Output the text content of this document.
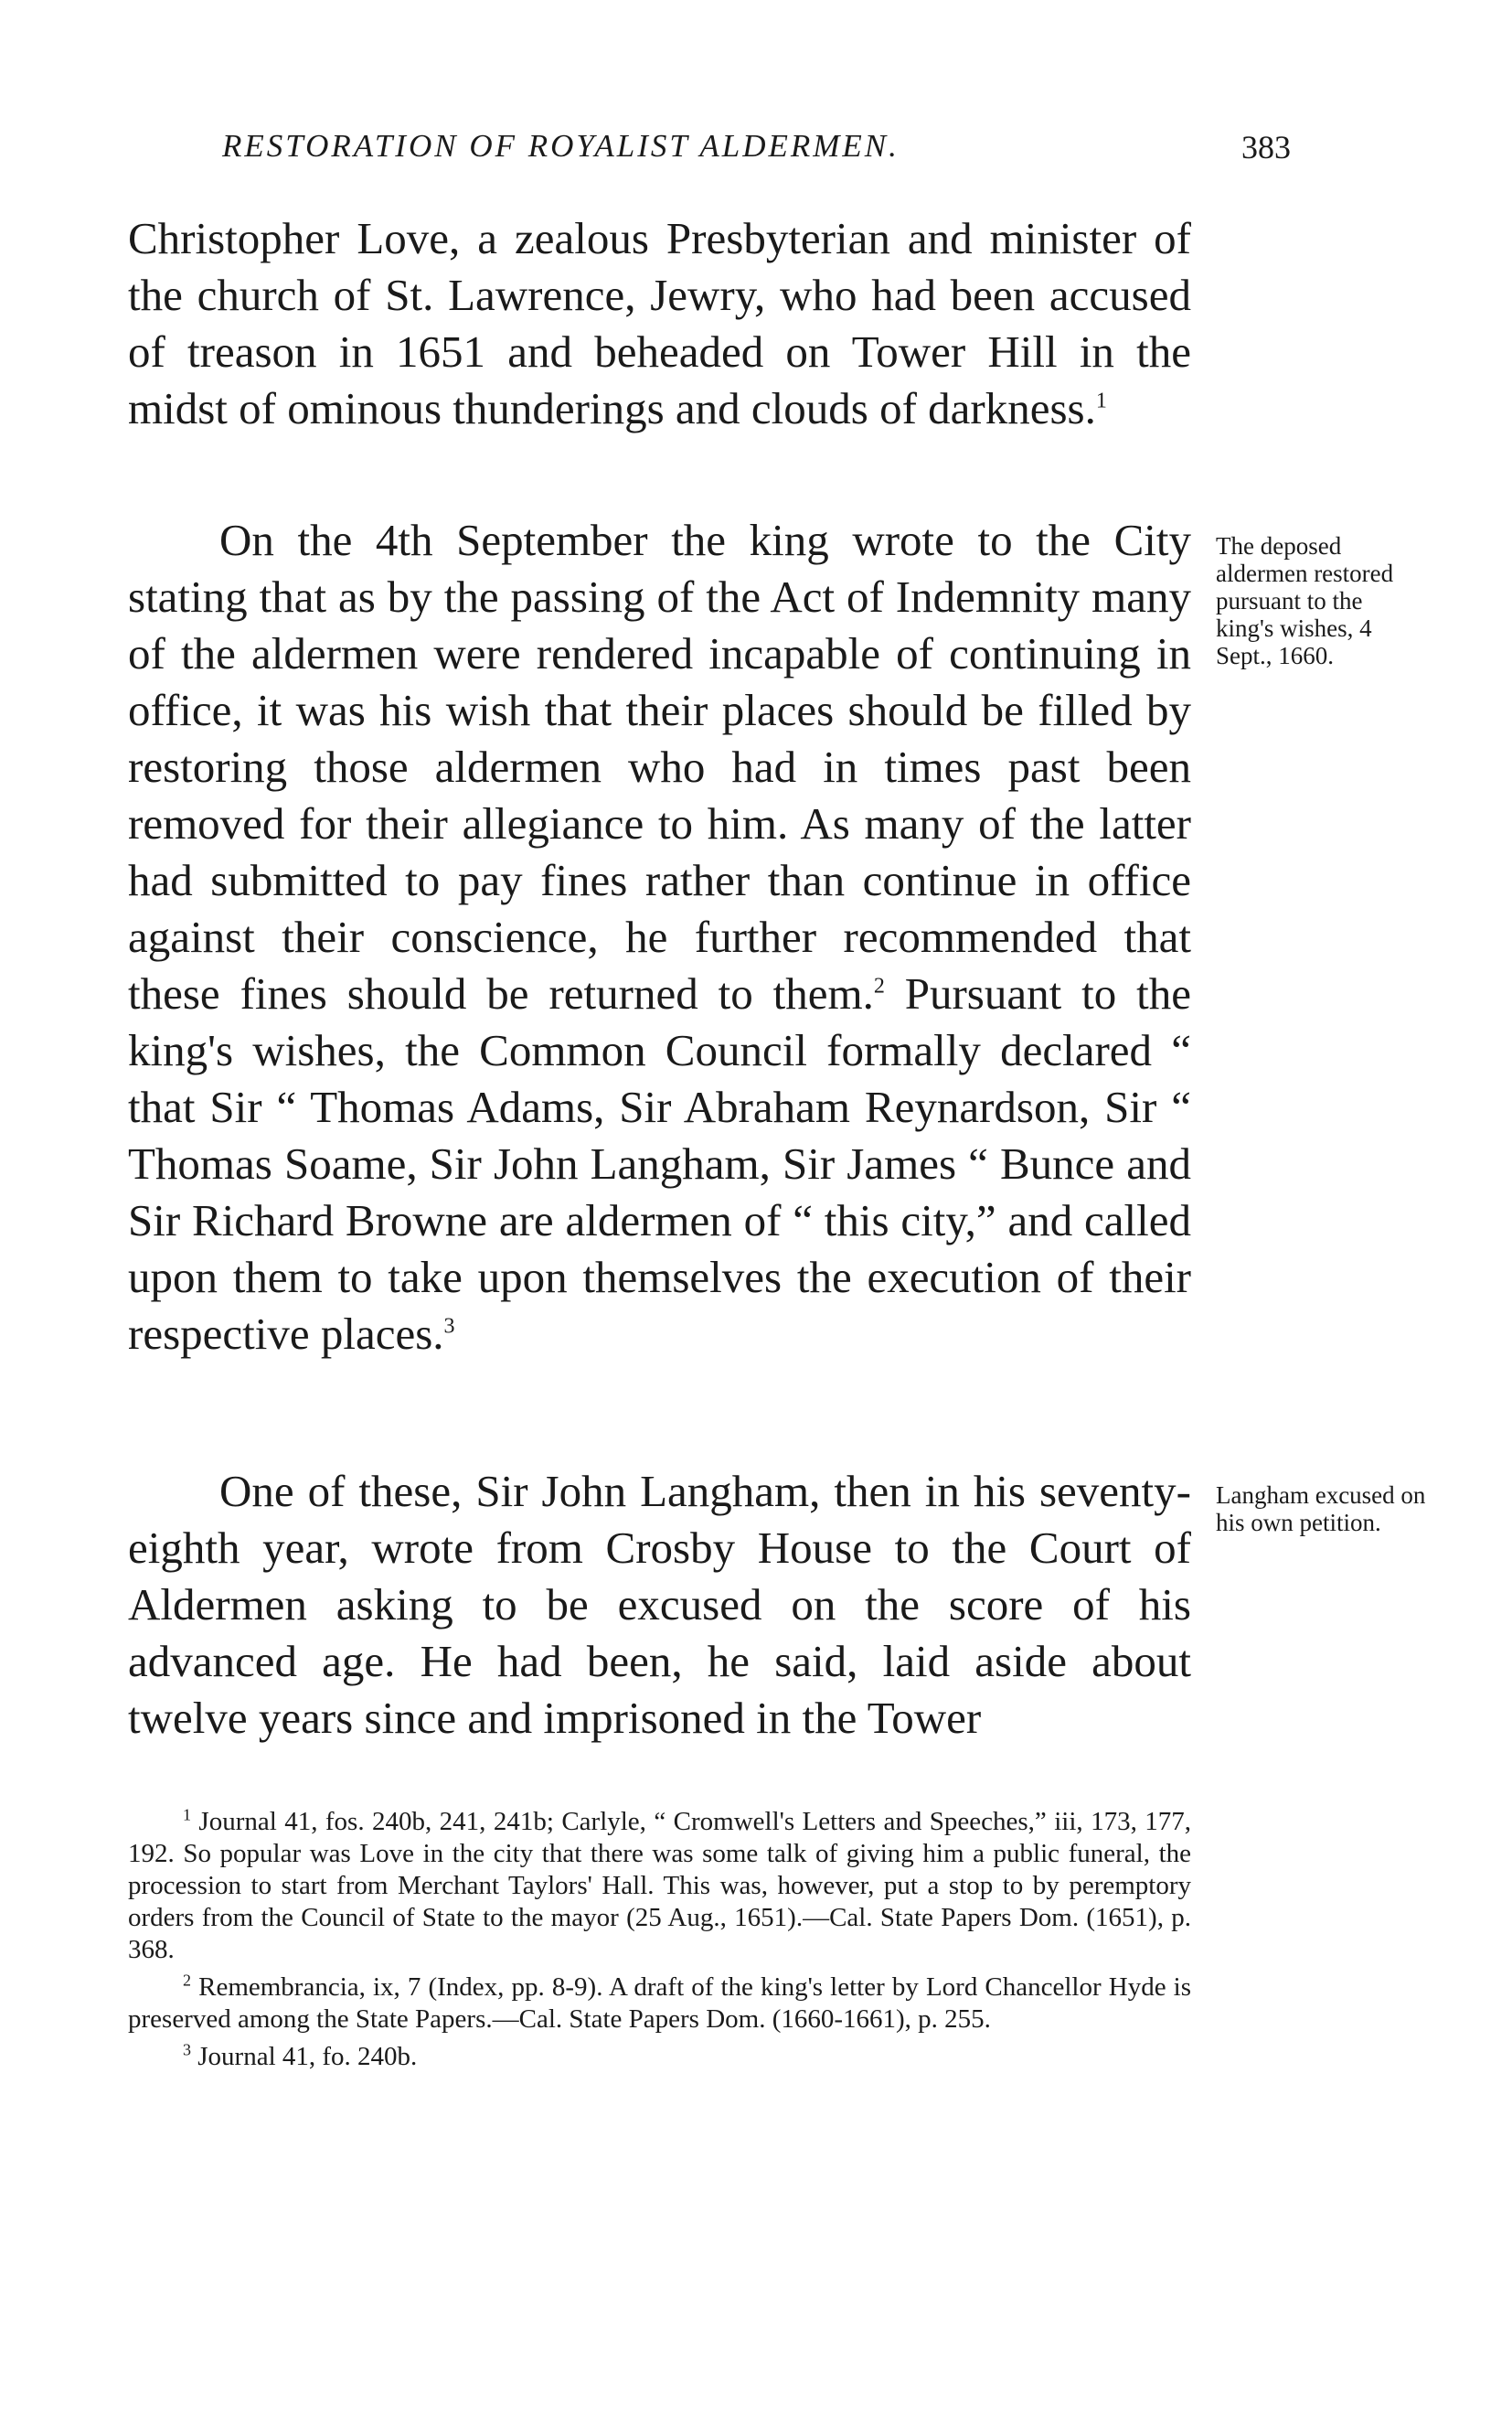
RESTORATION OF ROYALIST ALDERMEN.	383

Christopher Love, a zealous Presbyterian and minister of the church of St. Lawrence, Jewry, who had been accused of treason in 1651 and beheaded on Tower Hill in the midst of ominous thunderings and clouds of darkness.$^1$

On the 4th September the king wrote to the City stating that as by the passing of the Act of Indemnity many of the aldermen were rendered incapable of continuing in office, it was his wish that their places should be filled by restoring those aldermen who had in times past been removed for their allegiance to him. As many of the latter had submitted to pay fines rather than continue in office against their conscience, he further recommended that these fines should be returned to them.$^2$ Pursuant to the king's wishes, the Common Council formally declared “ that Sir “ Thomas Adams, Sir Abraham Reynardson, Sir “ Thomas Soame, Sir John Langham, Sir James “ Bunce and Sir Richard Browne are aldermen of “ this city,” and called upon them to take upon themselves the execution of their respective places.$^3$

One of these, Sir John Langham, then in his seventy-eighth year, wrote from Crosby House to the Court of Aldermen asking to be excused on the score of his advanced age. He had been, he said, laid aside about twelve years since and imprisoned in the Tower

The deposed aldermen restored pursuant to the king's wishes, 4 Sept., 1660.
Langham excused on his own petition.

$^1$ Journal 41, fos. 240b, 241, 241b; Carlyle, “ Cromwell's Letters and Speeches,” iii, 173, 177, 192. So popular was Love in the city that there was some talk of giving him a public funeral, the procession to start from Merchant Taylors' Hall. This was, however, put a stop to by peremptory orders from the Council of State to the mayor (25 Aug., 1651).—Cal. State Papers Dom. (1651), p. 368.

$^2$ Remembrancia, ix, 7 (Index, pp. 8-9). A draft of the king's letter by Lord Chancellor Hyde is preserved among the State Papers.—Cal. State Papers Dom. (1660-1661), p. 255.

$^3$ Journal 41, fo. 240b.
